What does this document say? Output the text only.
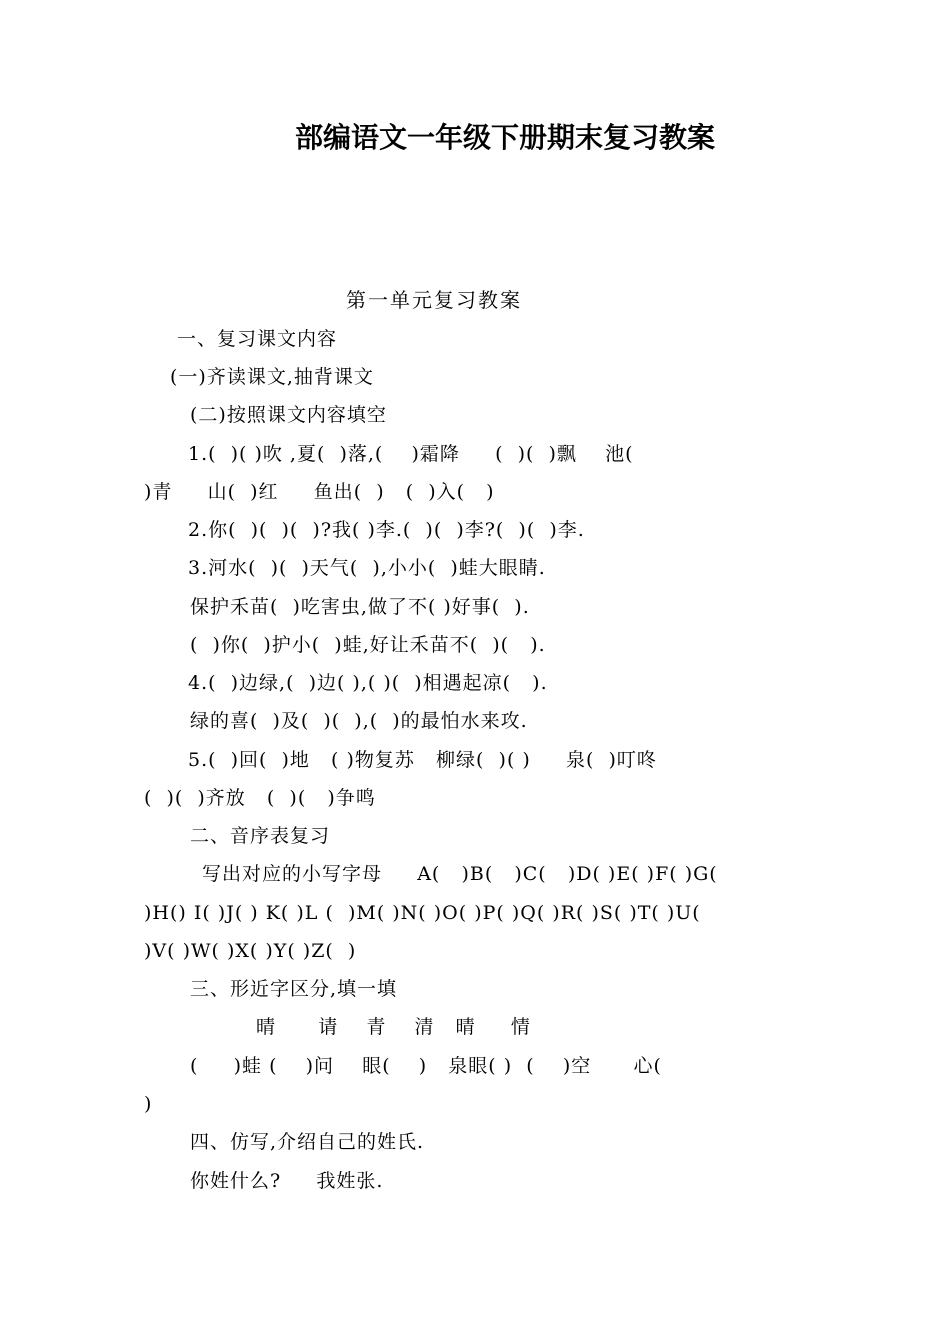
部编语文一年级下册期末复习教案
第一单元复习教案
一、复习课文内容
(一)齐读课文,抽背课文
(二)按照课文内容填空
1.(  )( )吹 ,夏(  )落,(    )霜降     (  )(  )飘    池(
)青     山(  )红     鱼出(  )   (  )入(   )
2.你(  )(  )(  )?我( )李.(  )(  )李?(  )(  )李.
3.河水(  )(  )天气(  ),小小(  )蛙大眼睛.
保护禾苗(  )吃害虫,做了不( )好事(  ).
(  )你(  )护小(  )蛙,好让禾苗不(  )(   ).
4.(  )边绿,(  )边( ),( )(  )相遇起凉(   ).
绿的喜(  )及(  )(  ),(  )的最怕水来攻.
5.(  )回(  )地   ( )物复苏   柳绿(  )( )     泉(  )叮咚
(  )(  )齐放   (  )(   )争鸣
二、音序表复习
写出对应的小写字母     A(   )B(   )C(   )D( )E( )F( )G(
)H() I( )J( ) K( )L (  )M( )N( )O( )P( )Q( )R( )S( )T( )U(
)V( )W( )X( )Y( )Z(  )
三、形近字区分,填一填
晴      请    青    清   晴     情
(     )蛙 (    )问    眼(    )   泉眼( )  (    )空      心(
)
四、仿写,介绍自己的姓氏.
你姓什么?     我姓张.
